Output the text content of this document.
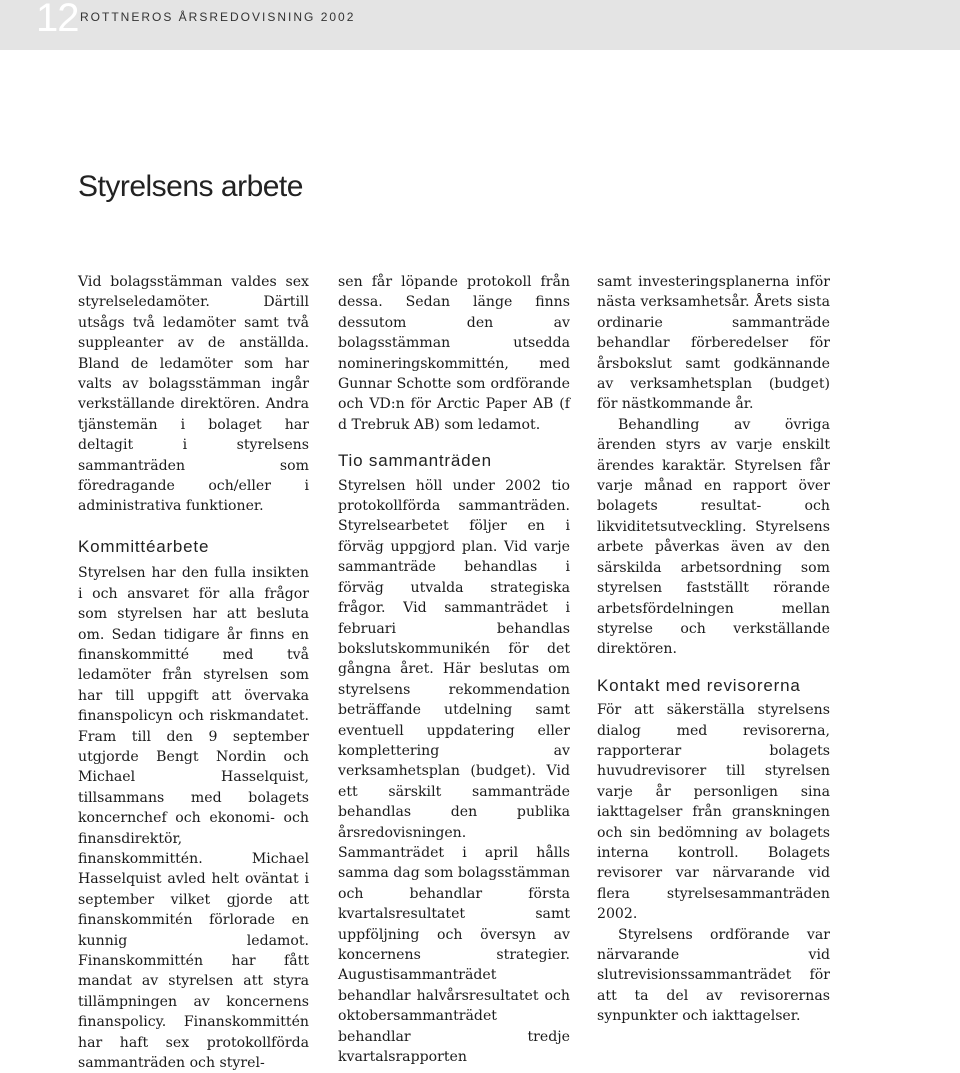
12 ROTTNEROS ÅRSREDOVISNING 2002
Styrelsens arbete

Vid bolagsstämman valdes sex styrelseledamöter. Därtill utsågs två ledamöter samt två suppleanter av de anställda. Bland de ledamöter som har valts av bolagsstämman ingår verkställande direktören. Andra tjänstemän i bolaget har deltagit i styrelsens sammanträden som föredragande och/eller i administrativa funktioner.

Kommittéarbete

Styrelsen har den fulla insikten i och ansvaret för alla frågor som styrelsen har att besluta om. Sedan tidigare år finns en finanskommitté med två ledamöter från styrelsen som har till uppgift att övervaka finanspolicyn och riskmandatet. Fram till den 9 september utgjorde Bengt Nordin och Michael Hasselquist, tillsammans med bolagets koncernchef och ekonomi- och finansdirektör, finanskommittén. Michael Hasselquist avled helt oväntat i september vilket gjorde att finanskommitén förlorade en kunnig ledamot. Finanskommittén har fått mandat av styrelsen att styra tillämpningen av koncernens finanspolicy. Finanskommittén har haft sex protokollförda sammanträden och styrel-

sen får löpande protokoll från dessa. Sedan länge finns dessutom den av bolagsstämman utsedda nomineringskommittén, med Gunnar Schotte som ordförande och VD:n för Arctic Paper AB (f d Trebruk AB) som ledamot.

Tio sammanträden

Styrelsen höll under 2002 tio protokollförda sammanträden. Styrelsearbetet följer en i förväg uppgjord plan. Vid varje sammanträde behandlas i förväg utvalda strategiska frågor. Vid sammanträdet i februari behandlas bokslutskommunikén för det gångna året. Här beslutas om styrelsens rekommendation beträffande utdelning samt eventuell uppdatering eller komplettering av verksamhetsplan (budget). Vid ett särskilt sammanträde behandlas den publika årsredovisningen. Sammanträdet i april hålls samma dag som bolagsstämman och behandlar första kvartalsresultatet samt uppföljning och översyn av koncernens strategier. Augustisammanträdet behandlar halvårsresultatet och oktobersammanträdet behandlar tredje kvartalsrapporten

samt investeringsplanerna inför nästa verksamhetsår. Årets sista ordinarie sammanträde behandlar förberedelser för årsbokslut samt godkännande av verksamhetsplan (budget) för nästkommande år.

Behandling av övriga ärenden styrs av varje enskilt ärendes karaktär. Styrelsen får varje månad en rapport över bolagets resultat- och likviditetsutveckling. Styrelsens arbete påverkas även av den särskilda arbetsordning som styrelsen fastställt rörande arbetsfördelningen mellan styrelse och verkställande direktören.

Kontakt med revisorerna

För att säkerställa styrelsens dialog med revisorerna, rapporterar bolagets huvudrevisorer till styrelsen varje år personligen sina iakttagelser från granskningen och sin bedömning av bolagets interna kontroll. Bolagets revisorer var närvarande vid flera styrelsesammanträden 2002.

Styrelsens ordförande var närvarande vid slutrevisionssammanträdet för att ta del av revisorernas synpunkter och iakttagelser.
